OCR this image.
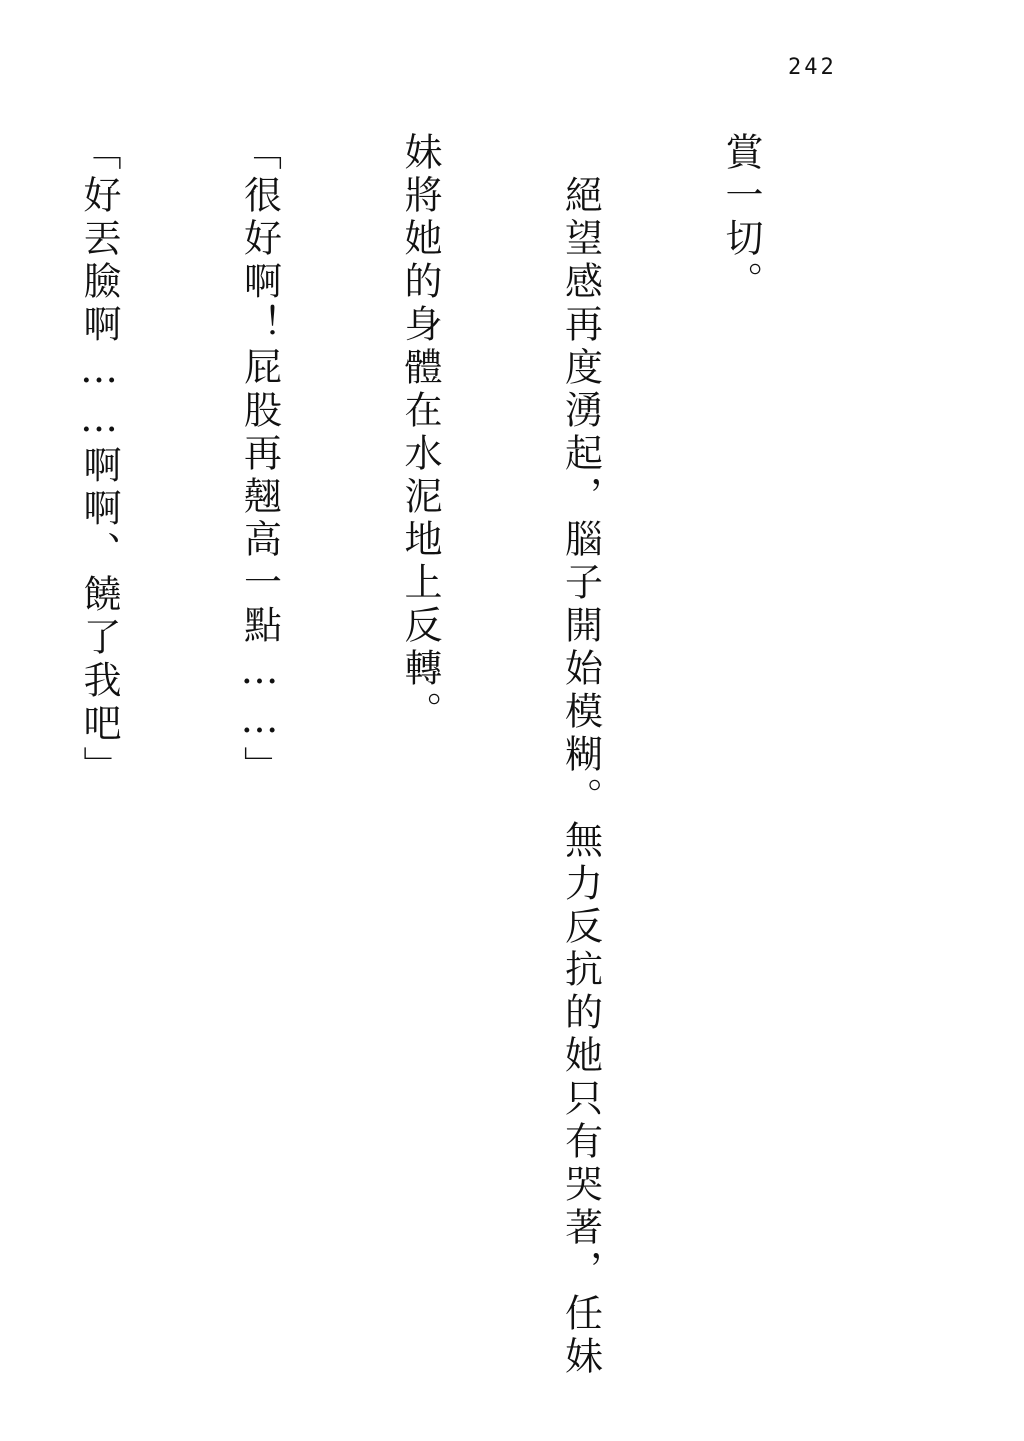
242

賞一切。

　絕望感再度湧起，腦子開始模糊。無力反抗的她只有哭著，任妹

妹將她的身體在水泥地上反轉。

「很好啊！屁股再翹高一點……」

「好丟臉啊……啊啊、饒了我吧」
